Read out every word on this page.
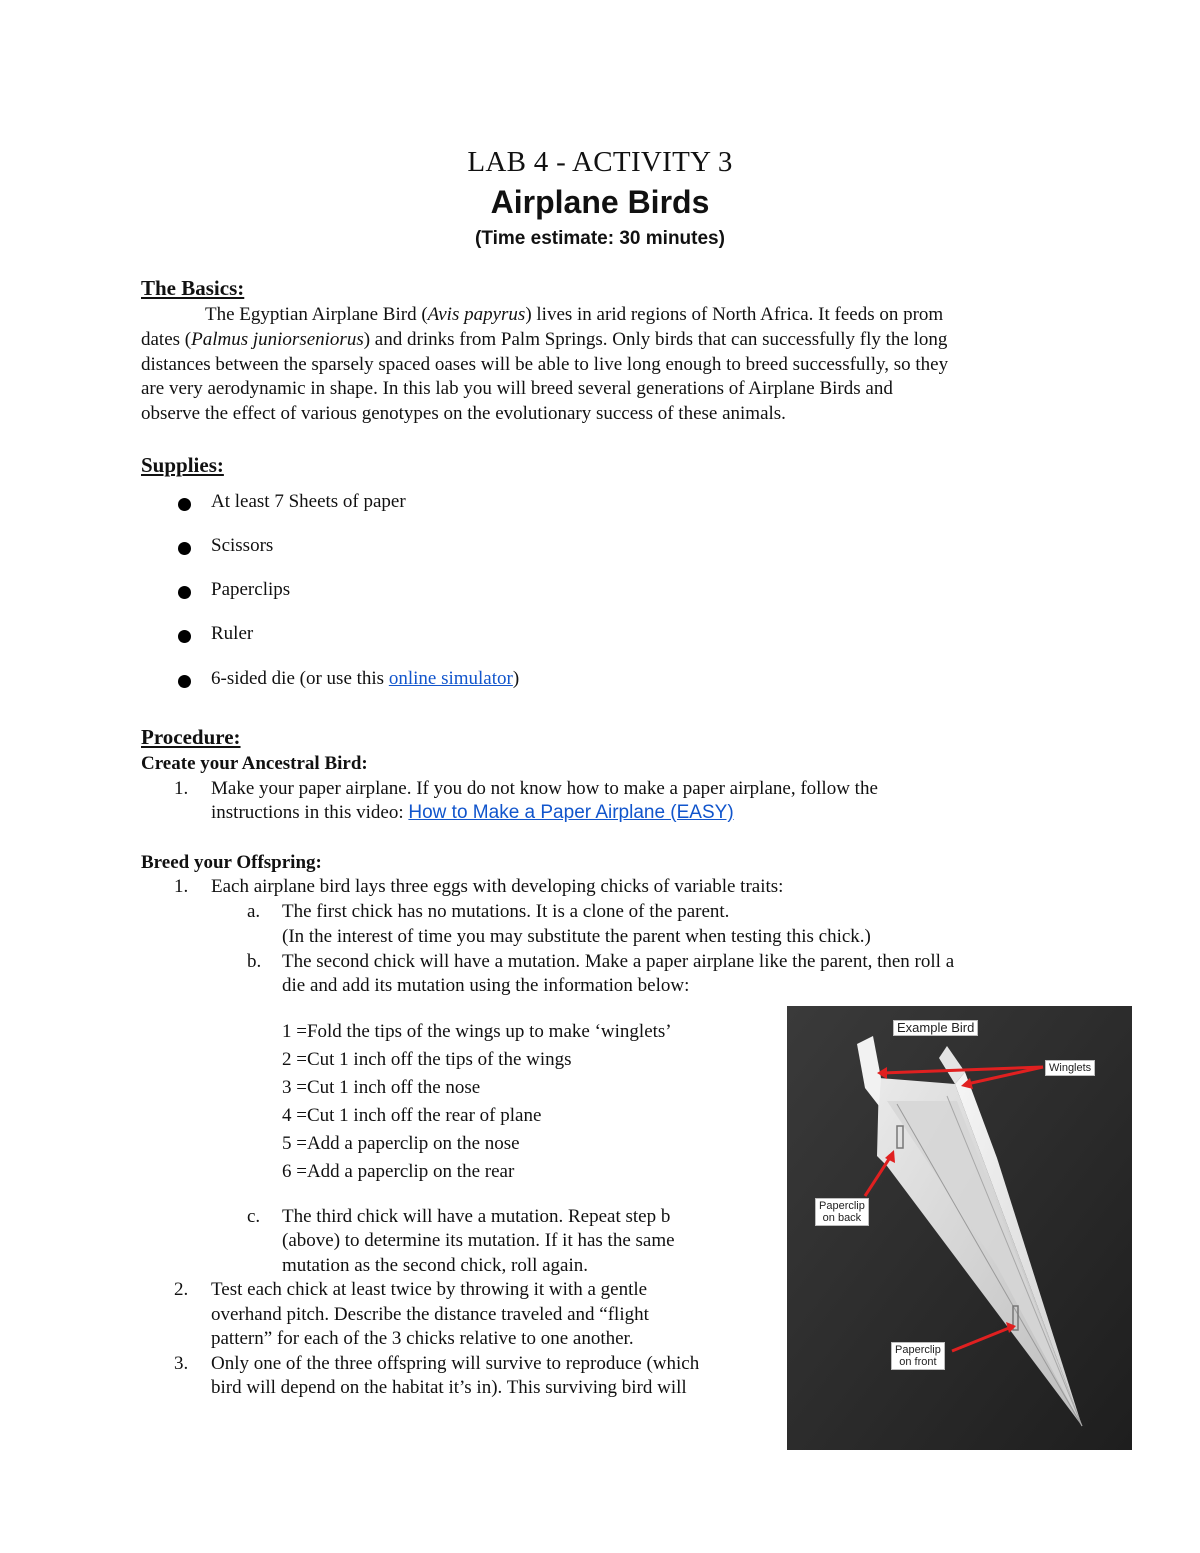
LAB 4 - ACTIVITY 3
Airplane Birds
(Time estimate: 30 minutes)
The Basics:
The Egyptian Airplane Bird (Avis papyrus) lives in arid regions of North Africa. It feeds on prom
dates (Palmus juniorseniorus) and drinks from Palm Springs. Only birds that can successfully fly the long
distances between the sparsely spaced oases will be able to live long enough to breed successfully, so they
are very aerodynamic in shape. In this lab you will breed several generations of Airplane Birds and
observe the effect of various genotypes on the evolutionary success of these animals.
Supplies:
At least 7 Sheets of paper
Scissors
Paperclips
Ruler
6-sided die (or use this online simulator)
Procedure:
Create your Ancestral Bird:
1. Make your paper airplane. If you do not know how to make a paper airplane, follow the
instructions in this video: How to Make a Paper Airplane (EASY)
Breed your Offspring:
1. Each airplane bird lays three eggs with developing chicks of variable traits:
a. The first chick has no mutations. It is a clone of the parent.
(In the interest of time you may substitute the parent when testing this chick.)
b. The second chick will have a mutation. Make a paper airplane like the parent, then roll a
die and add its mutation using the information below:
1 =Fold the tips of the wings up to make ‘winglets’
2 =Cut 1 inch off the tips of the wings
3 =Cut 1 inch off the nose
4 =Cut 1 inch off the rear of plane
5 =Add a paperclip on the nose
6 =Add a paperclip on the rear
c. The third chick will have a mutation. Repeat step b
(above) to determine its mutation. If it has the same
mutation as the second chick, roll again.
2. Test each chick at least twice by throwing it with a gentle
overhand pitch. Describe the distance traveled and “flight
pattern” for each of the 3 chicks relative to one another.
3. Only one of the three offspring will survive to reproduce (which
bird will depend on the habitat it’s in). This surviving bird will
Example Bird
Winglets
Paperclip
on back
Paperclip
on front
